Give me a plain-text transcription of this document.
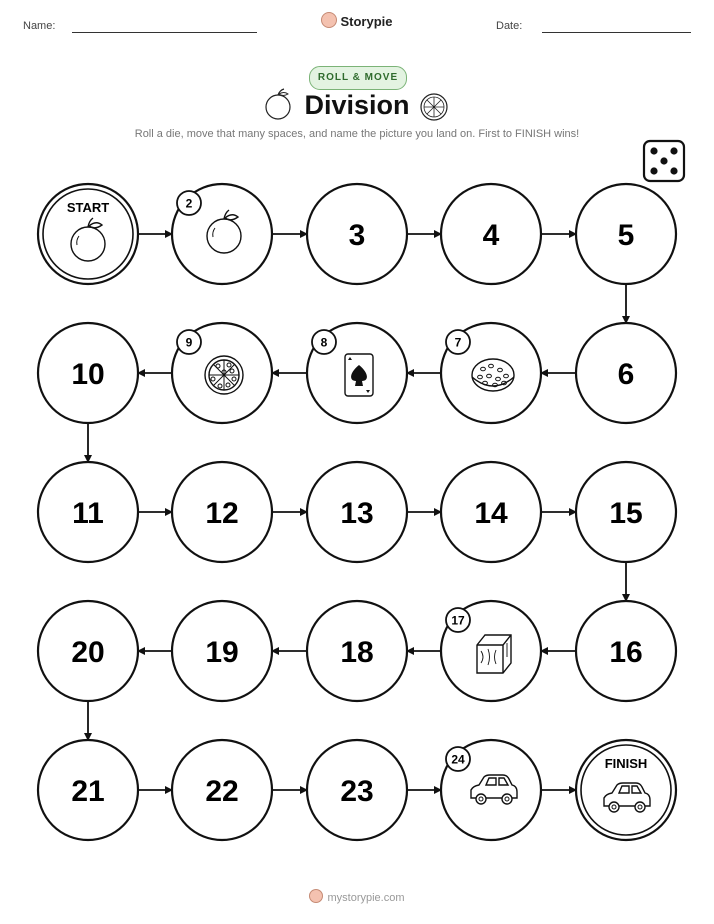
Name:	Storypie	Date:
ROLL & MOVE
Division
Roll a die, move that many spaces, and name the picture you land on. First to FINISH wins!
START	2
3	4	5
6
7
8
9
10
11	12	13	14	15
16
17
18
19
20
21	22	23
24	FINISH
mystorypie.com
